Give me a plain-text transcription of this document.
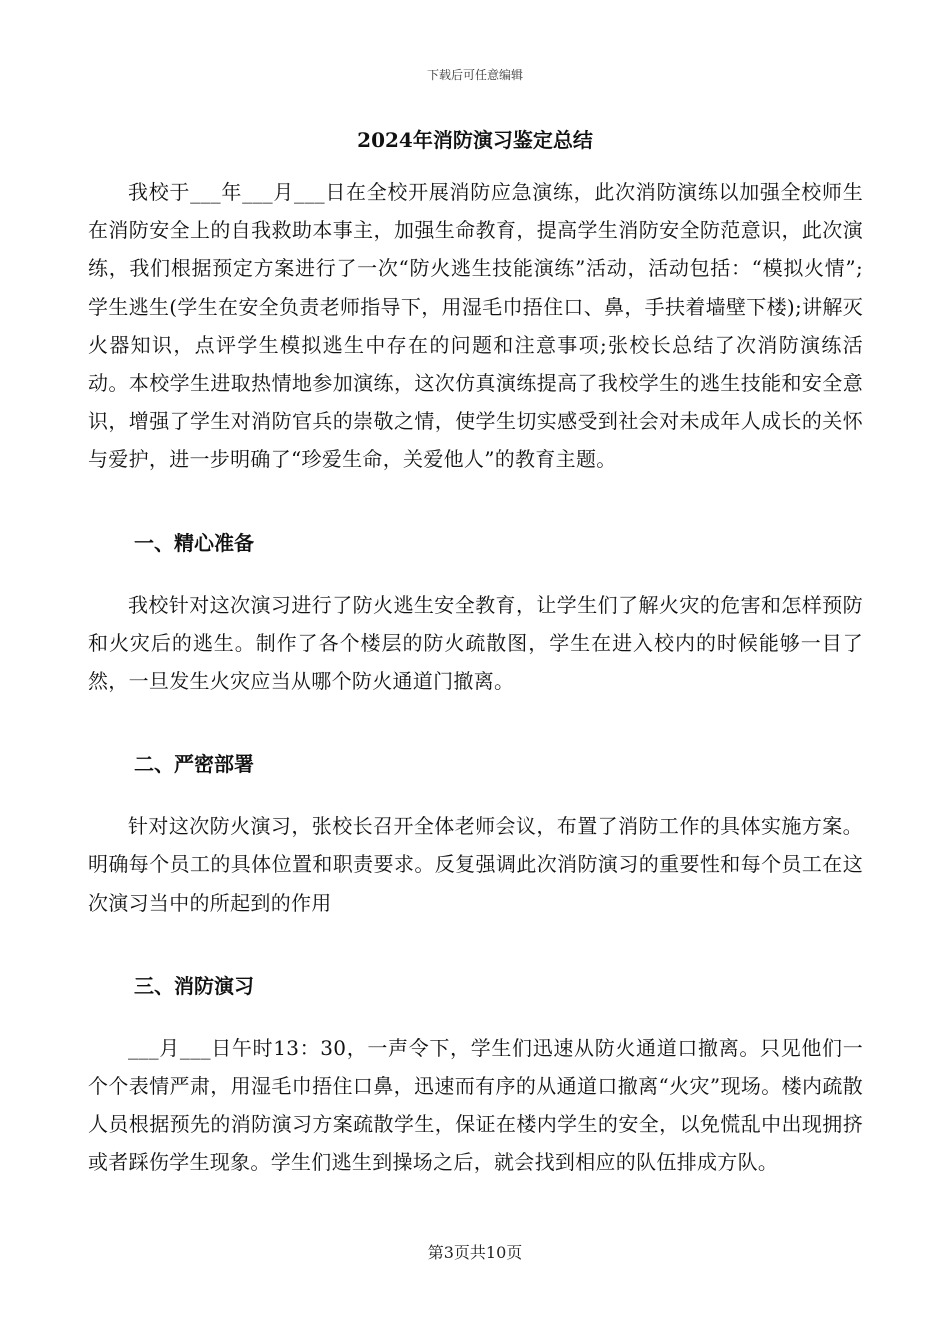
下载后可任意编辑
2024年消防演习鉴定总结

我校于___年___月___日在全校开展消防应急演练，此次消防演练以加强全校师生在消防安全上的自我救助本事主，加强生命教育，提高学生消防安全防范意识，此次演练，我们根据预定方案进行了一次“防火逃生技能演练”活动，活动包括：“模拟火情”;学生逃生(学生在安全负责老师指导下，用湿毛巾捂住口、鼻，手扶着墙壁下楼);讲解灭火器知识，点评学生模拟逃生中存在的问题和注意事项;张校长总结了次消防演练活动。本校学生进取热情地参加演练，这次仿真演练提高了我校学生的逃生技能和安全意识，增强了学生对消防官兵的崇敬之情，使学生切实感受到社会对未成年人成长的关怀与爱护，进一步明确了“珍爱生命，关爱他人”的教育主题。

一、精心准备

我校针对这次演习进行了防火逃生安全教育，让学生们了解火灾的危害和怎样预防和火灾后的逃生。制作了各个楼层的防火疏散图，学生在进入校内的时候能够一目了然，一旦发生火灾应当从哪个防火通道门撤离。

二、严密部署

针对这次防火演习，张校长召开全体老师会议，布置了消防工作的具体实施方案。明确每个员工的具体位置和职责要求。反复强调此次消防演习的重要性和每个员工在这次演习当中的所起到的作用

三、消防演习

___月___日午时13：30，一声令下，学生们迅速从防火通道口撤离。只见他们一个个表情严肃，用湿毛巾捂住口鼻，迅速而有序的从通道口撤离“火灾”现场。楼内疏散人员根据预先的消防演习方案疏散学生，保证在楼内学生的安全，以免慌乱中出现拥挤或者踩伤学生现象。学生们逃生到操场之后，就会找到相应的队伍排成方队。

第3页共10页
